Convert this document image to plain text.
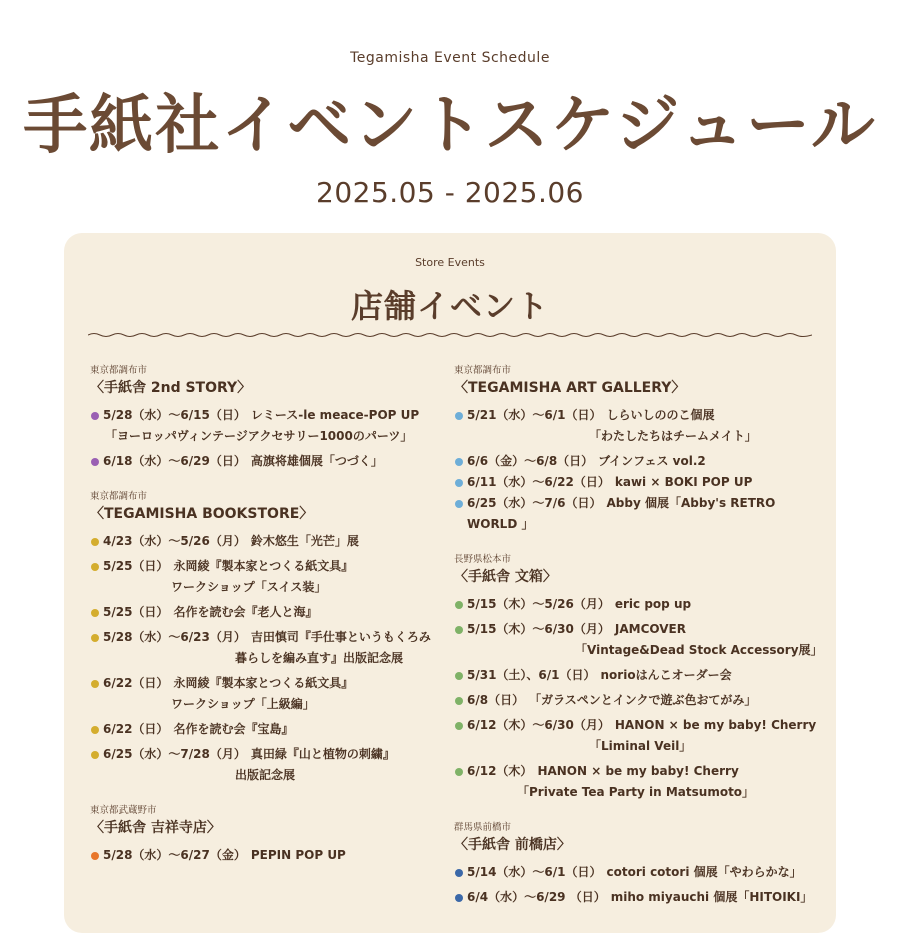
Tegamisha Event Schedule
手紙社イベントスケジュール
2025.05 - 2025.06
Store Events
店舗イベント
東京都調布市
〈手紙舎 2nd STORY〉
5/28（水）〜6/15（日） レミース-le meace-POP UP
「ヨーロッパヴィンテージアクセサリー1000のパーツ」
6/18（水）〜6/29（日） 高旗将雄個展「つづく」
東京都調布市
〈TEGAMISHA BOOKSTORE〉
4/23（水）〜5/26（月） 鈴木悠生「光芒」展
5/25（日） 永岡綾『製本家とつくる紙文具』
ワークショップ「スイス装」
5/25（日） 名作を読む会『老人と海』
5/28（水）〜6/23（月） 吉田慎司『手仕事というもくろみ
暮らしを編み直す』出版記念展
6/22（日） 永岡綾『製本家とつくる紙文具』
ワークショップ「上級編」
6/22（日） 名作を読む会『宝島』
6/25（水）〜7/28（月） 真田緑『山と植物の刺繍』
出版記念展
東京都武蔵野市
〈手紙舎 吉祥寺店〉
5/28（水）〜6/27（金） PEPIN POP UP
東京都調布市
〈TEGAMISHA ART GALLERY〉
5/21（水）〜6/1（日） しらいしののこ個展
「わたしたちはチームメイト」
6/6（金）〜6/8（日） ブインフェス vol.2
6/11（水）〜6/22（日） kawi × BOKI POP UP
6/25（水）〜7/6（日） Abby 個展「Abby's RETRO WORLD 」
長野県松本市
〈手紙舎 文箱〉
5/15（木）〜5/26（月） eric pop up
5/15（木）〜6/30（月） JAMCOVER
「Vintage&Dead Stock Accessory展」
5/31（土）、6/1（日） norioはんこオーダー会
6/8（日） 「ガラスペンとインクで遊ぶ色おてがみ」
6/12（木）〜6/30（月） HANON × be my baby! Cherry
「Liminal Veil」
6/12（木） HANON × be my baby! Cherry
「Private Tea Party in Matsumoto」
群馬県前橋市
〈手紙舎 前橋店〉
5/14（水）〜6/1（日） cotori cotori 個展「やわらかな」
6/4（水）〜6/29 （日） miho miyauchi 個展「HITOIKI」
